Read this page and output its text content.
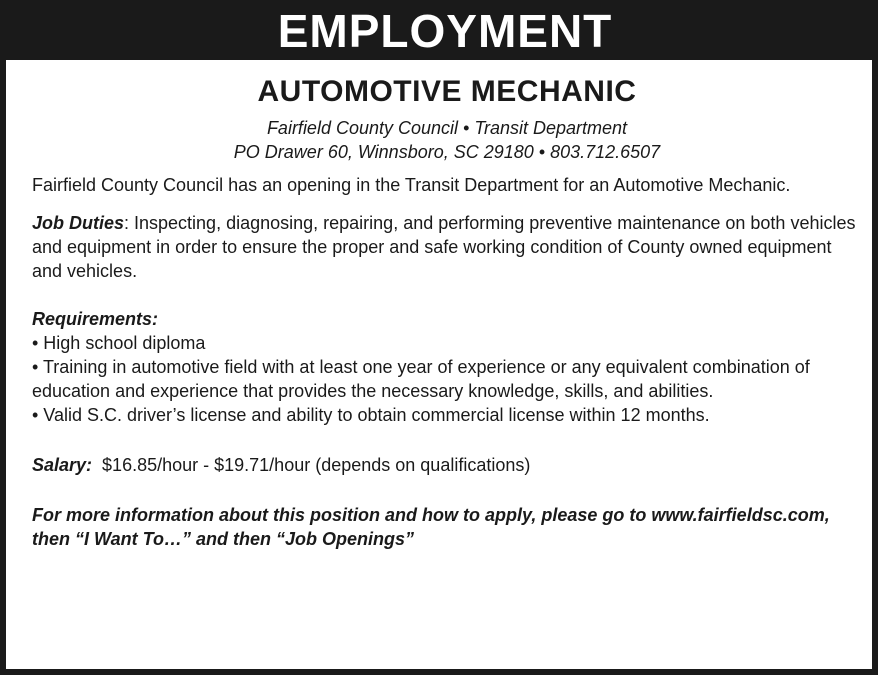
EMPLOYMENT
AUTOMOTIVE MECHANIC
Fairfield County Council • Transit Department
PO Drawer 60, Winnsboro, SC 29180 • 803.712.6507
Fairfield County Council has an opening in the Transit Department for an Automotive Mechanic.
Job Duties: Inspecting, diagnosing, repairing, and performing preventive maintenance on both vehicles and equipment in order to ensure the proper and safe working condition of County owned equipment and vehicles.
Requirements:
• High school diploma
• Training in automotive field with at least one year of experience or any equivalent combination of education and experience that provides the necessary knowledge, skills, and abilities.
• Valid S.C. driver’s license and ability to obtain commercial license within 12 months.
Salary:  $16.85/hour - $19.71/hour (depends on qualifications)
For more information about this position and how to apply, please go to www.fairfieldsc.com, then “I Want To…” and then “Job Openings”
